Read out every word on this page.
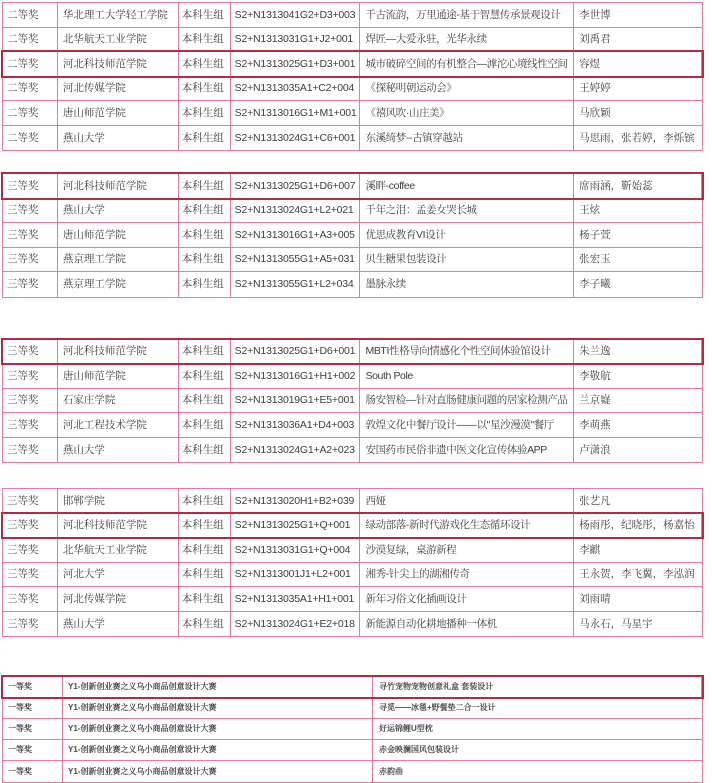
二等奖	华北理工大学轻工学院	本科生组	S2+N1313041G2+D3+003 千古流韵，万里通途-基于智慧传承景观设计	李世博
二等奖	北华航天工业学院	本科生组	S2+N1313031G1+J2+001	焊匠—大爱永驻，光华永续	刘禹君
二等奖	河北科技师范学院	本科生组	S2+N1313025G1+D3+001 城市破碎空间的有机整合—滹沱心境线性空间	容煜
二等奖	河北传媒学院	本科生组	S2+N1313035A1+C2+004	《探秘明朝运动会》	王婷婷
二等奖	唐山师范学院	本科生组	S2+N1313016G1+M1+001 《禧风吹·山庄美》	马欣颖
二等奖	燕山大学	本科生组	S2+N1313024G1+C6+001 东溪绮梦--古镇穿越站	马思雨，张若婷，李烁镔
三等奖	河北科技师范学院	本科生组	S2+N1313025G1+D6+007 溪畔-coffee	席雨涵，靳始蕊
三等奖	燕山大学	本科生组	S2+N1313024G1+L2+021	千年之泪：孟姜女哭长城	王炫
三等奖	唐山师范学院	本科生组	S2+N1313016G1+A3+005	优思成教育VI设计	杨子萱
三等奖	燕京理工学院	本科生组	S2+N1313055G1+A5+031	贝生糖果包装设计	张宏玉
三等奖	燕京理工学院	本科生组	S2+N1313055G1+L2+034	墨脉永续	李子曦
三等奖	河北科技师范学院	本科生组	S2+N1313025G1+D6+001 MBTI性格导向情感化个性空间体验馆设计	朱兰逸
三等奖	唐山师范学院	本科生组	S2+N1313016G1+H1+002 South Pole	李敬航
三等奖	石家庄学院	本科生组	S2+N1313019G1+E5+001	肠安智检—针对直肠健康问题的居家检测产品	兰京嶷
三等奖	河北工程技术学院	本科生组	S2+N1313036A1+D4+003	敦煌文化中餐厅设计——以"星沙漫漠"餐厅	李萌燕
三等奖	燕山大学	本科生组	S2+N1313024G1+A2+023	安国药市民俗非遗中医文化宣传体验APP	卢潇浪
三等奖	邯郸学院	本科生组	S2+N1313020H1+B2+039	西娅	张艺凡
三等奖	河北科技师范学院	本科生组	S2+N1313025G1+Q+001	绿动部落-新时代游戏化生态循环设计	杨雨彤，纪晓彤，杨嘉怡
三等奖	北华航天工业学院	本科生组	S2+N1313031G1+Q+004	沙漠复绿，桌游新程	李麒
三等奖	河北大学	本科生组	S2+N1313001J1+L2+001	湘秀-针尖上的湖湘传奇	王永贺，李飞翼，李泓润
三等奖	河北传媒学院	本科生组	S2+N1313035A1+H1+001	新年习俗文化插画设计	刘雨晴
三等奖	燕山大学	本科生组	S2+N1313024G1+E2+018	新能源自动化耕地播种一体机	马永石，马星宇
一等奖	Y1-创新创业赛之义乌小商品创意设计大赛	寻竹宠物宠物创意礼盒 套装设计
一等奖	Y1-创新创业赛之义乌小商品创意设计大赛	寻觅——冰毯+野餐垫二合一设计
一等奖	Y1-创新创业赛之义乌小商品创意设计大赛	好运锦鲤U型枕
一等奖	Y1-创新创业赛之义乌小商品创意设计大赛	赤金映澜国风包装设计
一等奖	Y1-创新创业赛之义乌小商品创意设计大赛	赤韵曲
